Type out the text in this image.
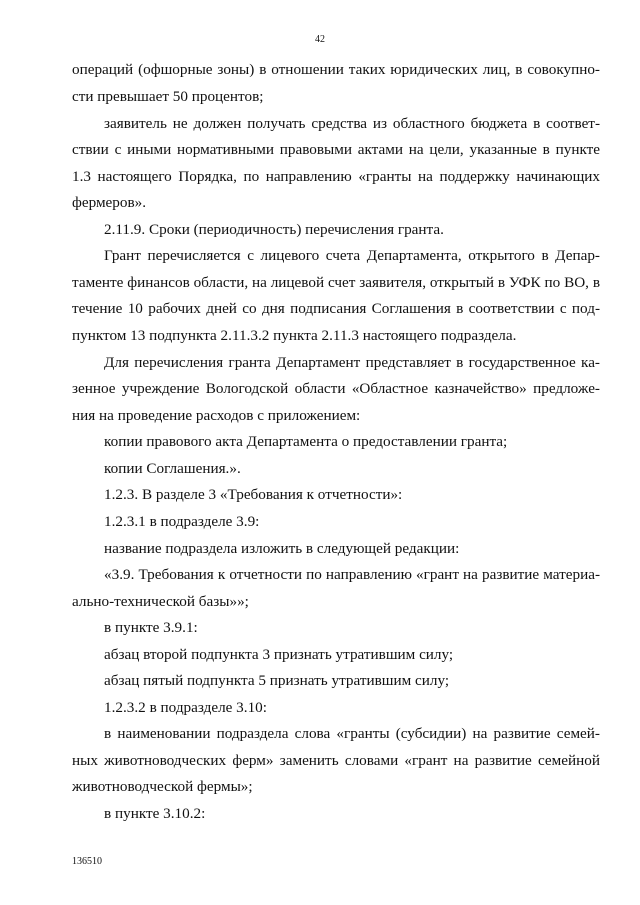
42
операций (офшорные зоны) в отношении таких юридических лиц, в совокупно-
сти превышает 50 процентов;
заявитель не должен получать средства из областного бюджета в соответ-
ствии с иными нормативными правовыми актами на цели, указанные в пункте
1.3 настоящего Порядка, по направлению «гранты на поддержку начинающих
фермеров».
2.11.9. Сроки (периодичность) перечисления гранта.
Грант перечисляется с лицевого счета Департамента, открытого в Депар-
таменте финансов области, на лицевой счет заявителя, открытый в УФК по ВО, в
течение 10 рабочих дней со дня подписания Соглашения в соответствии с под-
пунктом 13 подпункта 2.11.3.2 пункта 2.11.3 настоящего подраздела.
Для перечисления гранта Департамент представляет в государственное ка-
зенное учреждение Вологодской области «Областное казначейство» предложе-
ния на проведение расходов с приложением:
копии правового акта Департамента о предоставлении гранта;
копии Соглашения.».
1.2.3. В разделе 3 «Требования к отчетности»:
1.2.3.1 в подразделе 3.9:
название подраздела изложить в следующей редакции:
«3.9. Требования к отчетности по направлению «грант на развитие материа-
ально-технической базы»»;
в пункте 3.9.1:
абзац второй подпункта 3 признать утратившим силу;
абзац пятый подпункта 5 признать утратившим силу;
1.2.3.2 в подразделе 3.10:
в наименовании подраздела слова «гранты (субсидии) на развитие семей-
ных животноводческих ферм» заменить словами «грант на развитие семейной
животноводческой фермы»;
в пункте 3.10.2:
136510
